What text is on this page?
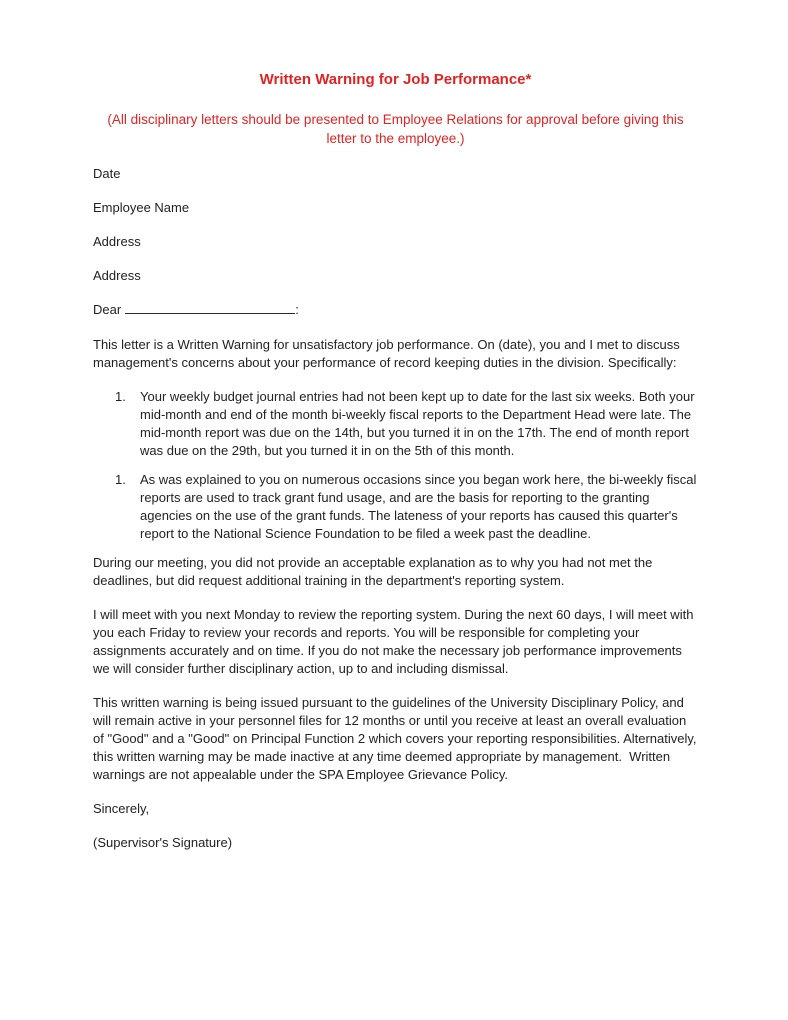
Written Warning for Job Performance*

(All disciplinary letters should be presented to Employee Relations for approval before giving this letter to the employee.)

Date
Employee Name
Address
Address
Dear	:

This letter is a Written Warning for unsatisfactory job performance. On (date), you and I met to discuss management's concerns about your performance of record keeping duties in the division. Specifically:

1. Your weekly budget journal entries had not been kept up to date for the last six weeks. Both your mid-month and end of the month bi-weekly fiscal reports to the Department Head were late. The mid-month report was due on the 14th, but you turned it in on the 17th. The end of month report was due on the 29th, but you turned it in on the 5th of this month.
1. As was explained to you on numerous occasions since you began work here, the bi-weekly fiscal reports are used to track grant fund usage, and are the basis for reporting to the granting agencies on the use of the grant funds. The lateness of your reports has caused this quarter's report to the National Science Foundation to be filed a week past the deadline.

During our meeting, you did not provide an acceptable explanation as to why you had not met the deadlines, but did request additional training in the department's reporting system.

I will meet with you next Monday to review the reporting system. During the next 60 days, I will meet with you each Friday to review your records and reports. You will be responsible for completing your assignments accurately and on time. If you do not make the necessary job performance improvements we will consider further disciplinary action, up to and including dismissal.

This written warning is being issued pursuant to the guidelines of the University Disciplinary Policy, and will remain active in your personnel files for 12 months or until you receive at least an overall evaluation of "Good" and a "Good" on Principal Function 2 which covers your reporting responsibilities. Alternatively, this written warning may be made inactive at any time deemed appropriate by management.  Written warnings are not appealable under the SPA Employee Grievance Policy.

Sincerely,
(Supervisor's Signature)
